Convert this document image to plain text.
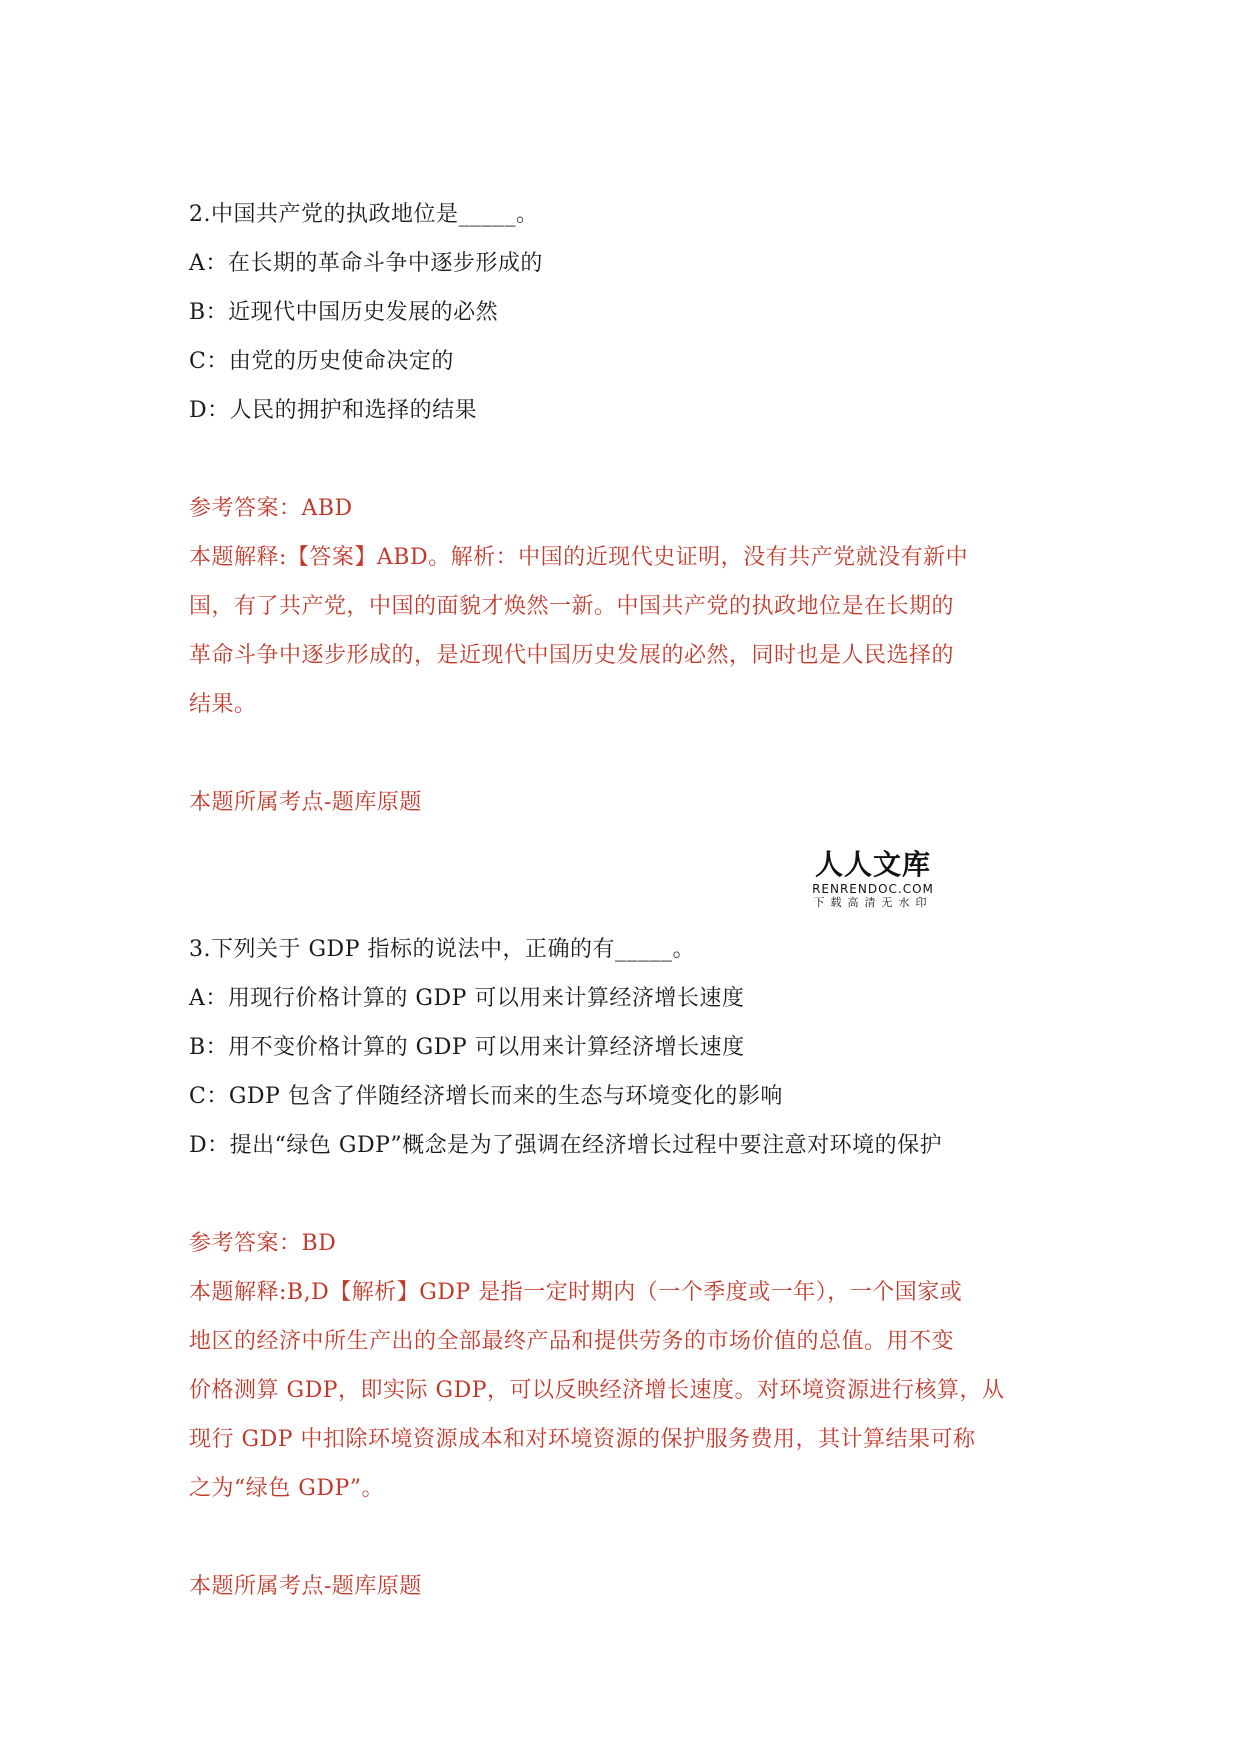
2.中国共产党的执政地位是_____。
A：在长期的革命斗争中逐步形成的
B：近现代中国历史发展的必然
C：由党的历史使命决定的
D：人民的拥护和选择的结果
参考答案：ABD
本题解释:【答案】ABD。解析：中国的近现代史证明，没有共产党就没有新中
国，有了共产党，中国的面貌才焕然一新。中国共产党的执政地位是在长期的
革命斗争中逐步形成的，是近现代中国历史发展的必然，同时也是人民选择的
结果。
本题所属考点-题库原题
3.下列关于 GDP 指标的说法中，正确的有_____。
A：用现行价格计算的 GDP 可以用来计算经济增长速度
B：用不变价格计算的 GDP 可以用来计算经济增长速度
C：GDP 包含了伴随经济增长而来的生态与环境变化的影响
D：提出“绿色 GDP”概念是为了强调在经济增长过程中要注意对环境的保护
参考答案：BD
本题解释:B,D【解析】GDP 是指一定时期内（一个季度或一年），一个国家或
地区的经济中所生产出的全部最终产品和提供劳务的市场价值的总值。用不变
价格测算 GDP，即实际 GDP，可以反映经济增长速度。对环境资源进行核算，从
现行 GDP 中扣除环境资源成本和对环境资源的保护服务费用，其计算结果可称
之为“绿色 GDP”。
本题所属考点-题库原题
人人文库
RENRENDOC.COM
下载高清无水印
